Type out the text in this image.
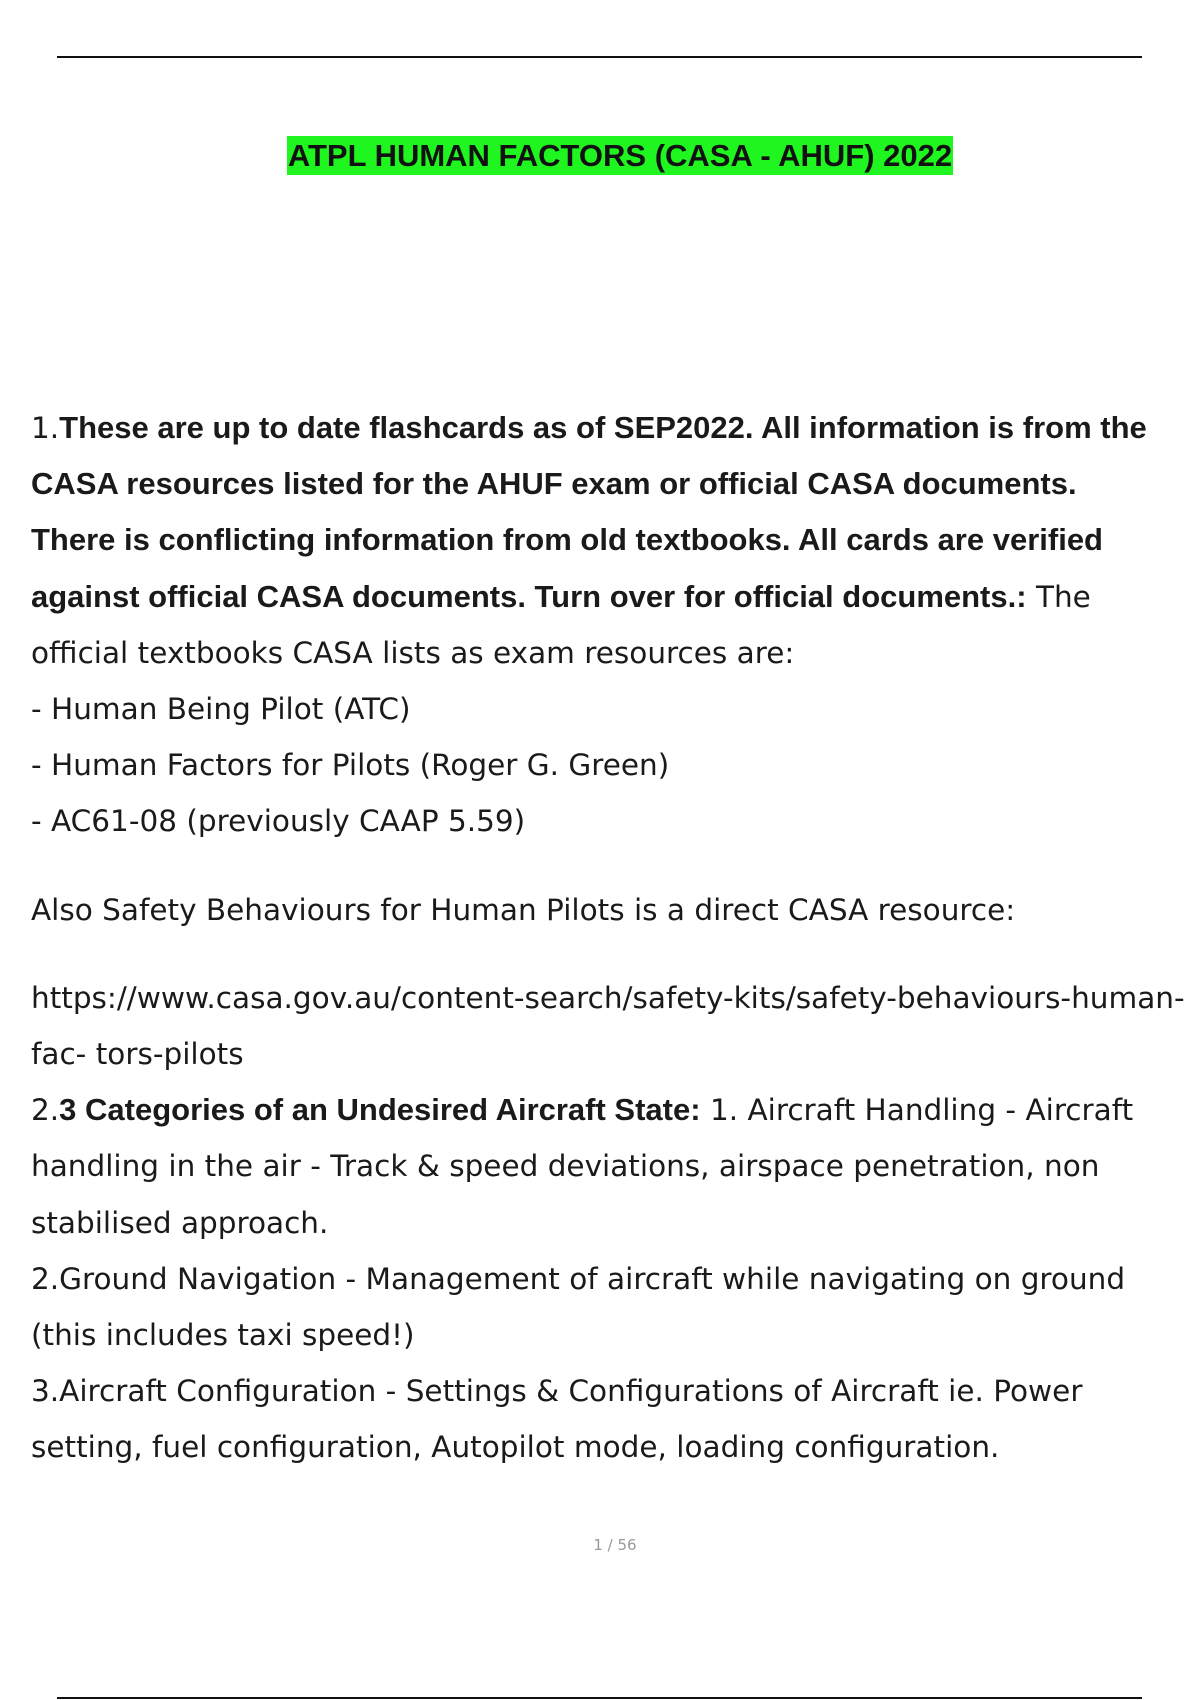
ATPL HUMAN FACTORS (CASA - AHUF) 2022

1.These are up to date flashcards as of SEP2022. All information is from the CASA resources listed for the AHUF exam or official CASA documents.

There is conflicting information from old textbooks. All cards are verified against official CASA documents. Turn over for official documents.: The official textbooks CASA lists as exam resources are:

- Human Being Pilot (ATC)

- Human Factors for Pilots (Roger G. Green)

- AC61-08 (previously CAAP 5.59)

Also Safety Behaviours for Human Pilots is a direct CASA resource:

https://www.casa.gov.au/content-search/safety-kits/safety-behaviours-human-fac- tors-pilots

2.3 Categories of an Undesired Aircraft State: 1. Aircraft Handling - Aircraft handling in the air - Track & speed deviations, airspace penetration, non stabilised approach.

2.Ground Navigation - Management of aircraft while navigating on ground (this includes taxi speed!)

3.Aircraft Configuration - Settings & Configurations of Aircraft ie. Power setting, fuel configuration, Autopilot mode, loading configuration.

1 / 56
